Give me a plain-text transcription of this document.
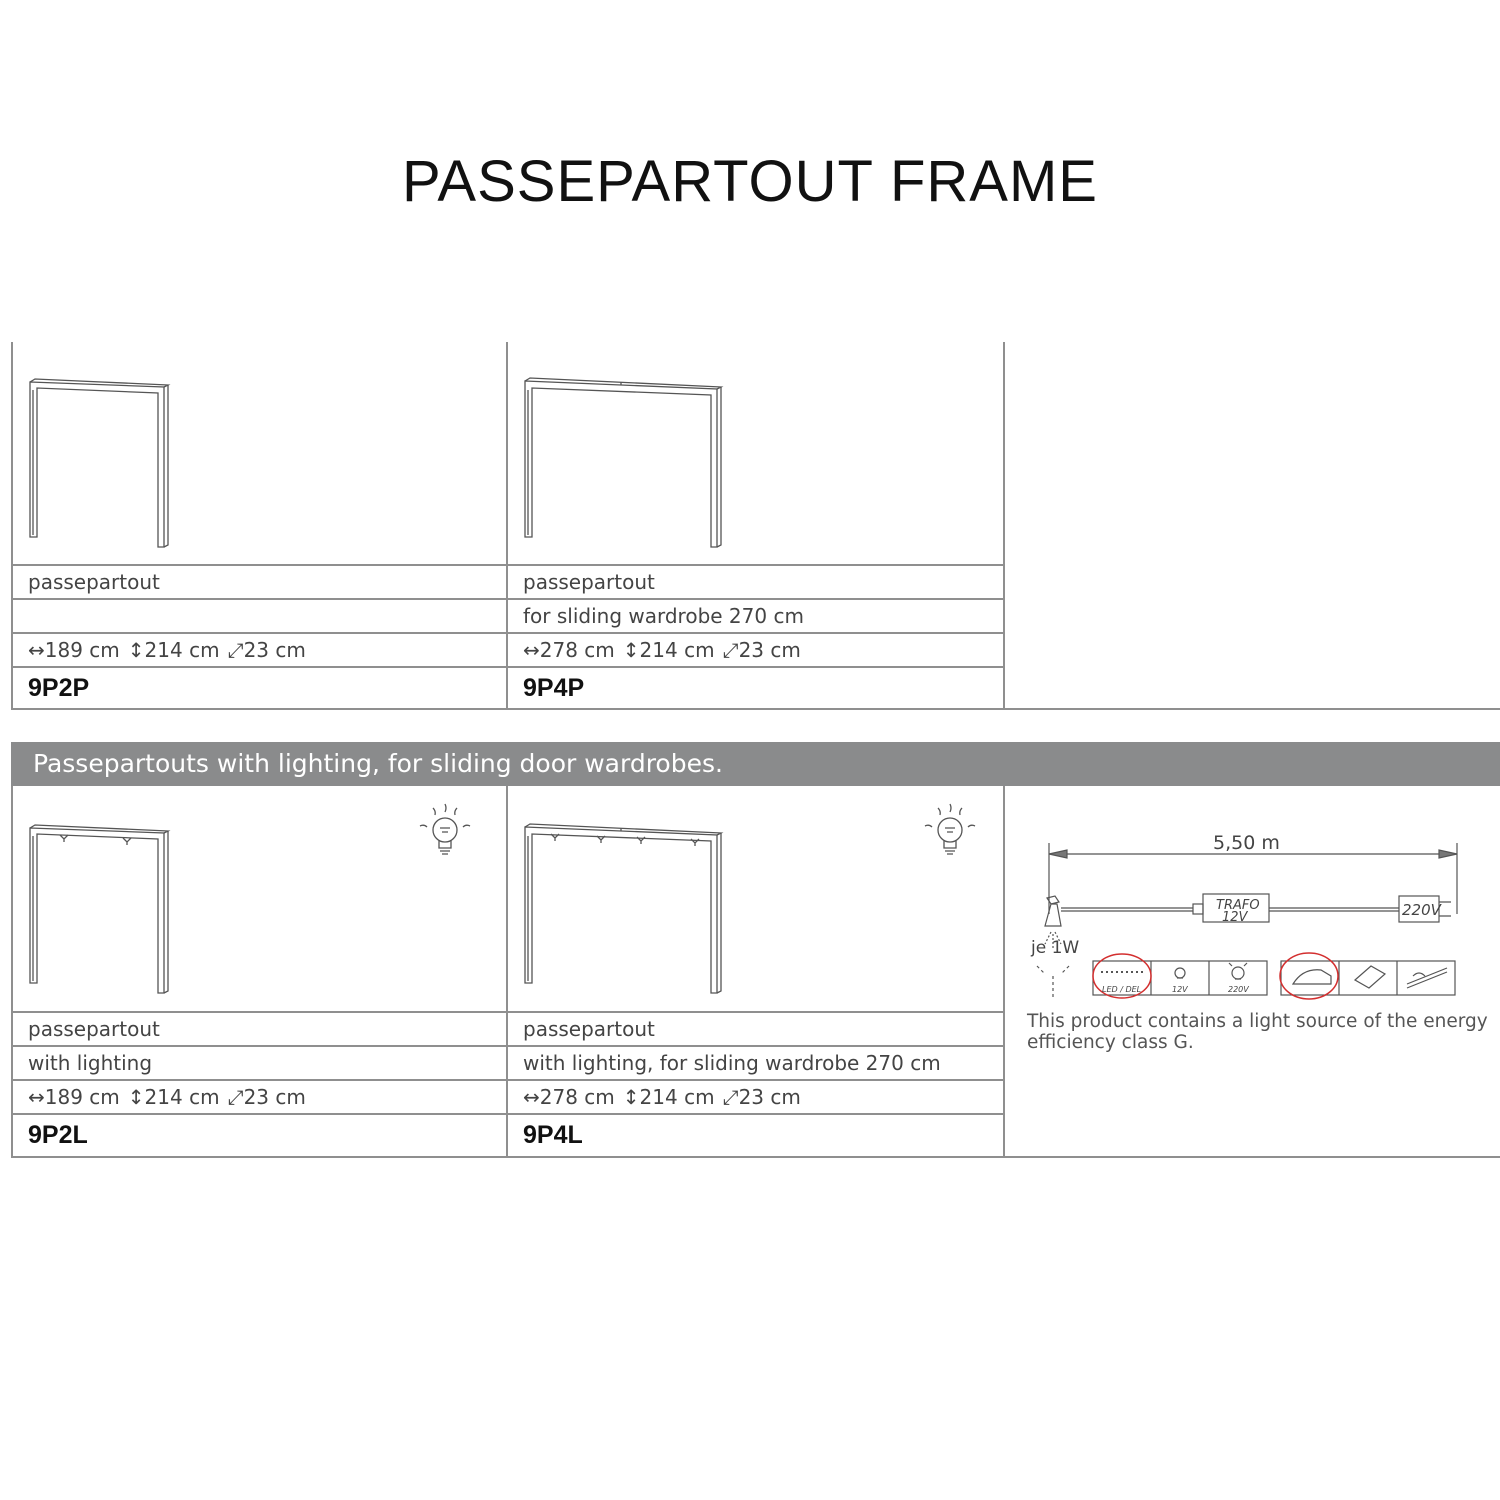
PASSEPARTOUT FRAME
passepartout
↔189 cm ↕214 cm ⤢23 cm
9P2P
passepartout
for sliding wardrobe 270 cm
↔278 cm ↕214 cm ⤢23 cm
9P4P
Passepartouts with lighting, for sliding door wardrobes.
passepartout
with lighting
↔189 cm ↕214 cm ⤢23 cm
9P2L
passepartout
with lighting, for sliding wardrobe 270 cm
↔278 cm ↕214 cm ⤢23 cm
9P4L
5,50 m
TRAFO
12V	220V
je 1W
LED / DEL	12V	220V
This product contains a light source of the energy efficiency class G.
